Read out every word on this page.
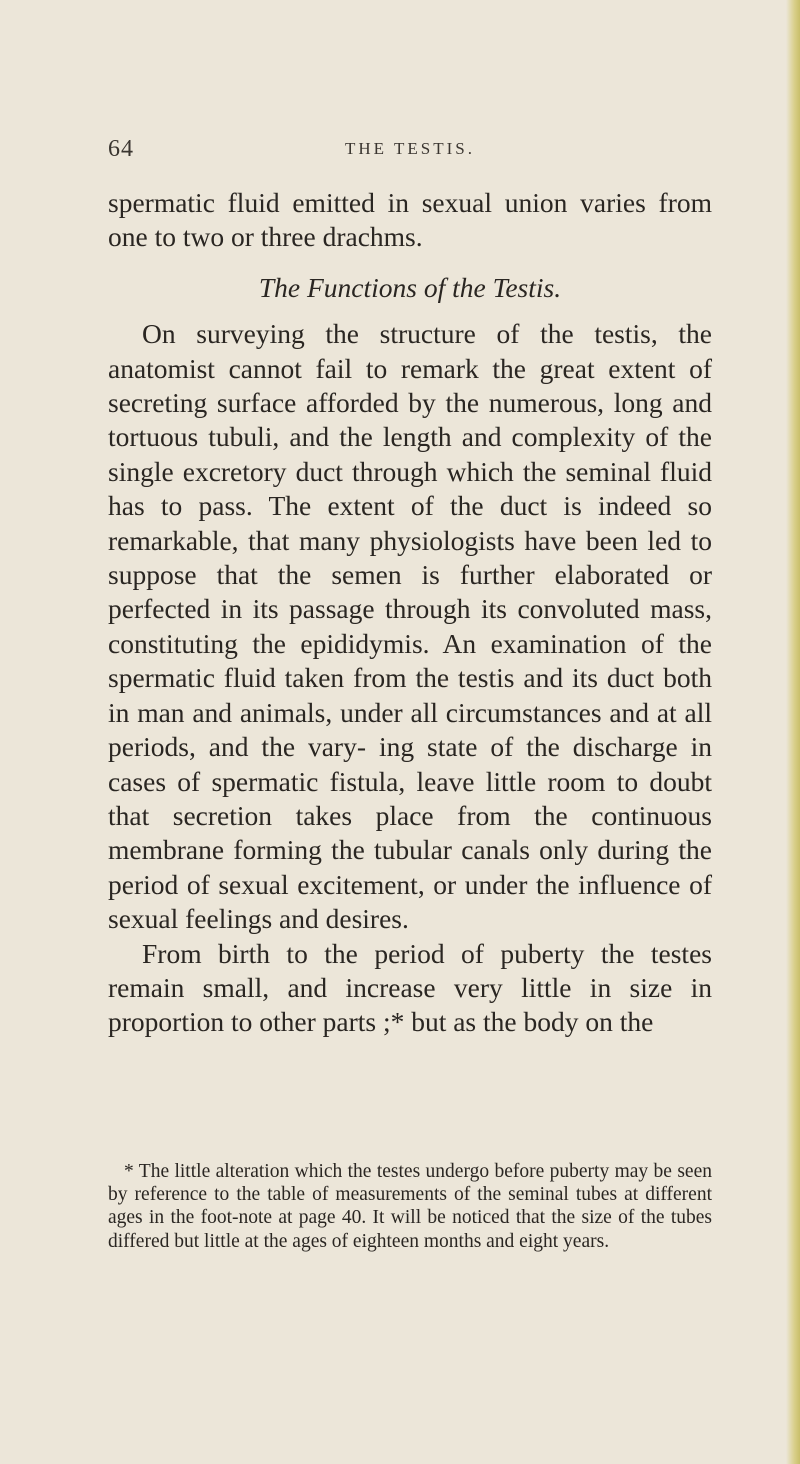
64	THE TESTIS.

spermatic fluid emitted in sexual union varies from one to two or three drachms.

The Functions of the Testis.

On surveying the structure of the testis, the anatomist cannot fail to remark the great extent of secreting surface afforded by the numerous, long and tortuous tubuli, and the length and complexity of the single excretory duct through which the seminal fluid has to pass. The extent of the duct is indeed so remarkable, that many physiologists have been led to suppose that the semen is further elaborated or perfected in its passage through its convoluted mass, constituting the epididymis. An examination of the spermatic fluid taken from the testis and its duct both in man and animals, under all circumstances and at all periods, and the vary- ing state of the discharge in cases of spermatic fistula, leave little room to doubt that secretion takes place from the continuous membrane forming the tubular canals only during the period of sexual excitement, or under the influence of sexual feelings and desires.

From birth to the period of puberty the testes remain small, and increase very little in size in proportion to other parts ;* but as the body on the

* The little alteration which the testes undergo before puberty may be seen by reference to the table of measurements of the seminal tubes at different ages in the foot-note at page 40. It will be noticed that the size of the tubes differed but little at the ages of eighteen months and eight years.
